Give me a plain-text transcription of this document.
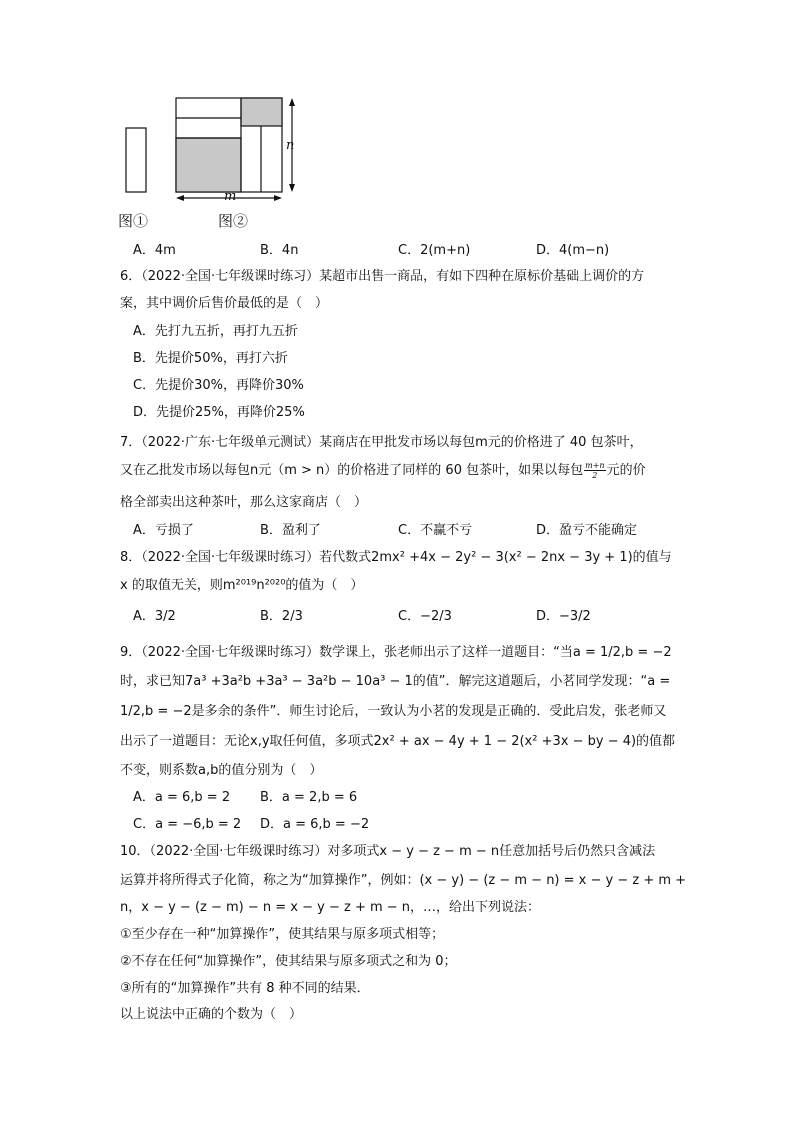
n
m
图①	图②
A．4m	B．4n	C．2(m+n)	D．4(m−n)
6．（2022·全国·七年级课时练习）某超市出售一商品，有如下四种在原标价基础上调价的方
案，其中调价后售价最低的是（　）
A．先打九五折，再打九五折
B．先提价50%，再打六折
C．先提价30%，再降价30%
D．先提价25%，再降价25%
7．（2022·广东·七年级单元测试）某商店在甲批发市场以每包m元的价格进了 40 包茶叶，
又在乙批发市场以每包n元（m > n）的价格进了同样的 60 包茶叶，如果以每包 $\frac{m+n}{2}$ 元的价
格全部卖出这种茶叶，那么这家商店（　）
A．亏损了	B．盈利了	C．不赢不亏	D．盈亏不能确定
8．（2022·全国·七年级课时练习）若代数式2mx² +4x − 2y² − 3(x² − 2nx − 3y + 1)的值与
x 的取值无关，则m²⁰¹⁹n²⁰²⁰的值为（　）
A．3/2	B．2/3	C．−2/3	D．−3/2
9．（2022·全国·七年级课时练习）数学课上，张老师出示了这样一道题目：“当a = 1/2,b = −2
时，求已知7a³ +3a²b +3a³ − 3a²b − 10a³ − 1的值”．解完这道题后，小茗同学发现：“a =
1/2,b = −2是多余的条件”．师生讨论后，一致认为小茗的发现是正确的．受此启发，张老师又
出示了一道题目：无论x,y取任何值，多项式2x² + ax − 4y + 1 − 2(x² +3x − by − 4)的值都
不变，则系数a,b的值分别为（　）
A．a = 6,b = 2 B．a = 2,b = 6
C．a = −6,b = 2 D．a = 6,b = −2
10．（2022·全国·七年级课时练习）对多项式x − y − z − m − n任意加括号后仍然只含减法
运算并将所得式子化简，称之为“加算操作”，例如：(x − y) − (z − m − n) = x − y − z + m +
n，x − y − (z − m) − n = x − y − z + m − n，…，给出下列说法：
①至少存在一种“加算操作”，使其结果与原多项式相等；
②不存在任何“加算操作”，使其结果与原多项式之和为 0；
③所有的“加算操作”共有 8 种不同的结果．
以上说法中正确的个数为（　）
